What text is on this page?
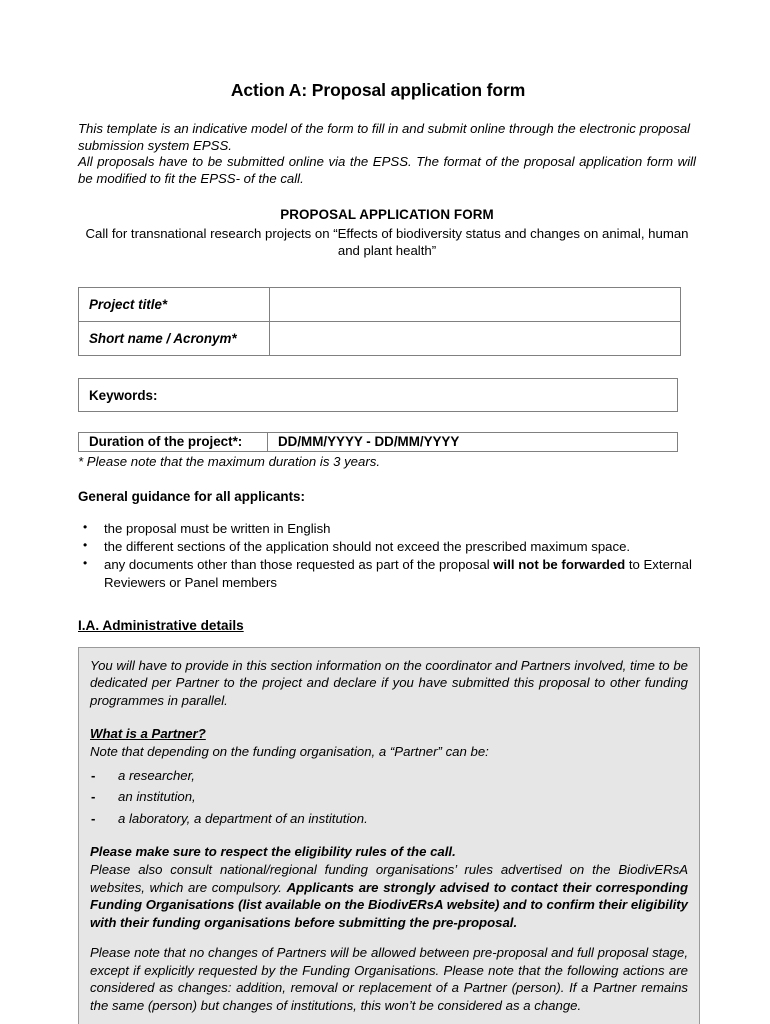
Action A: Proposal application form

This template is an indicative model of the form to fill in and submit online through the electronic proposal submission system EPSS.

All proposals have to be submitted online via the EPSS. The format of the proposal application form will be modified to fit the EPSS- of the call.

PROPOSAL APPLICATION FORM
Call for transnational research projects on “Effects of biodiversity status and changes on animal, human and plant health”
Project title*	

Short name / Acronym*	

Keywords:
Duration of the project*:	DD/MM/YYYY - DD/MM/YYYY

* Please note that the maximum duration is 3 years.

General guidance for all applicants:

• the proposal must be written in English
• the different sections of the application should not exceed the prescribed maximum space.
• any documents other than those requested as part of the proposal will not be forwarded to External Reviewers or Panel members

I.A. Administrative details

You will have to provide in this section information on the coordinator and Partners involved, time to be dedicated per Partner to the project and declare if you have submitted this proposal to other funding programmes in parallel.

What is a Partner?

Note that depending on the funding organisation, a “Partner” can be:

- a researcher,
- an institution,
- a laboratory, a department of an institution.

Please make sure to respect the eligibility rules of the call.

Please also consult national/regional funding organisations’ rules advertised on the BiodivERsA websites, which are compulsory. Applicants are strongly advised to contact their corresponding Funding Organisations (list available on the BiodivERsA website) and to confirm their eligibility with their funding organisations before submitting the pre-proposal.

Please note that no changes of Partners will be allowed between pre-proposal and full proposal stage, except if explicitly requested by the Funding Organisations. Please note that the following actions are considered as changes: addition, removal or replacement of a Partner (person). If a Partner remains the same (person) but changes of institutions, this won’t be considered as a change.
